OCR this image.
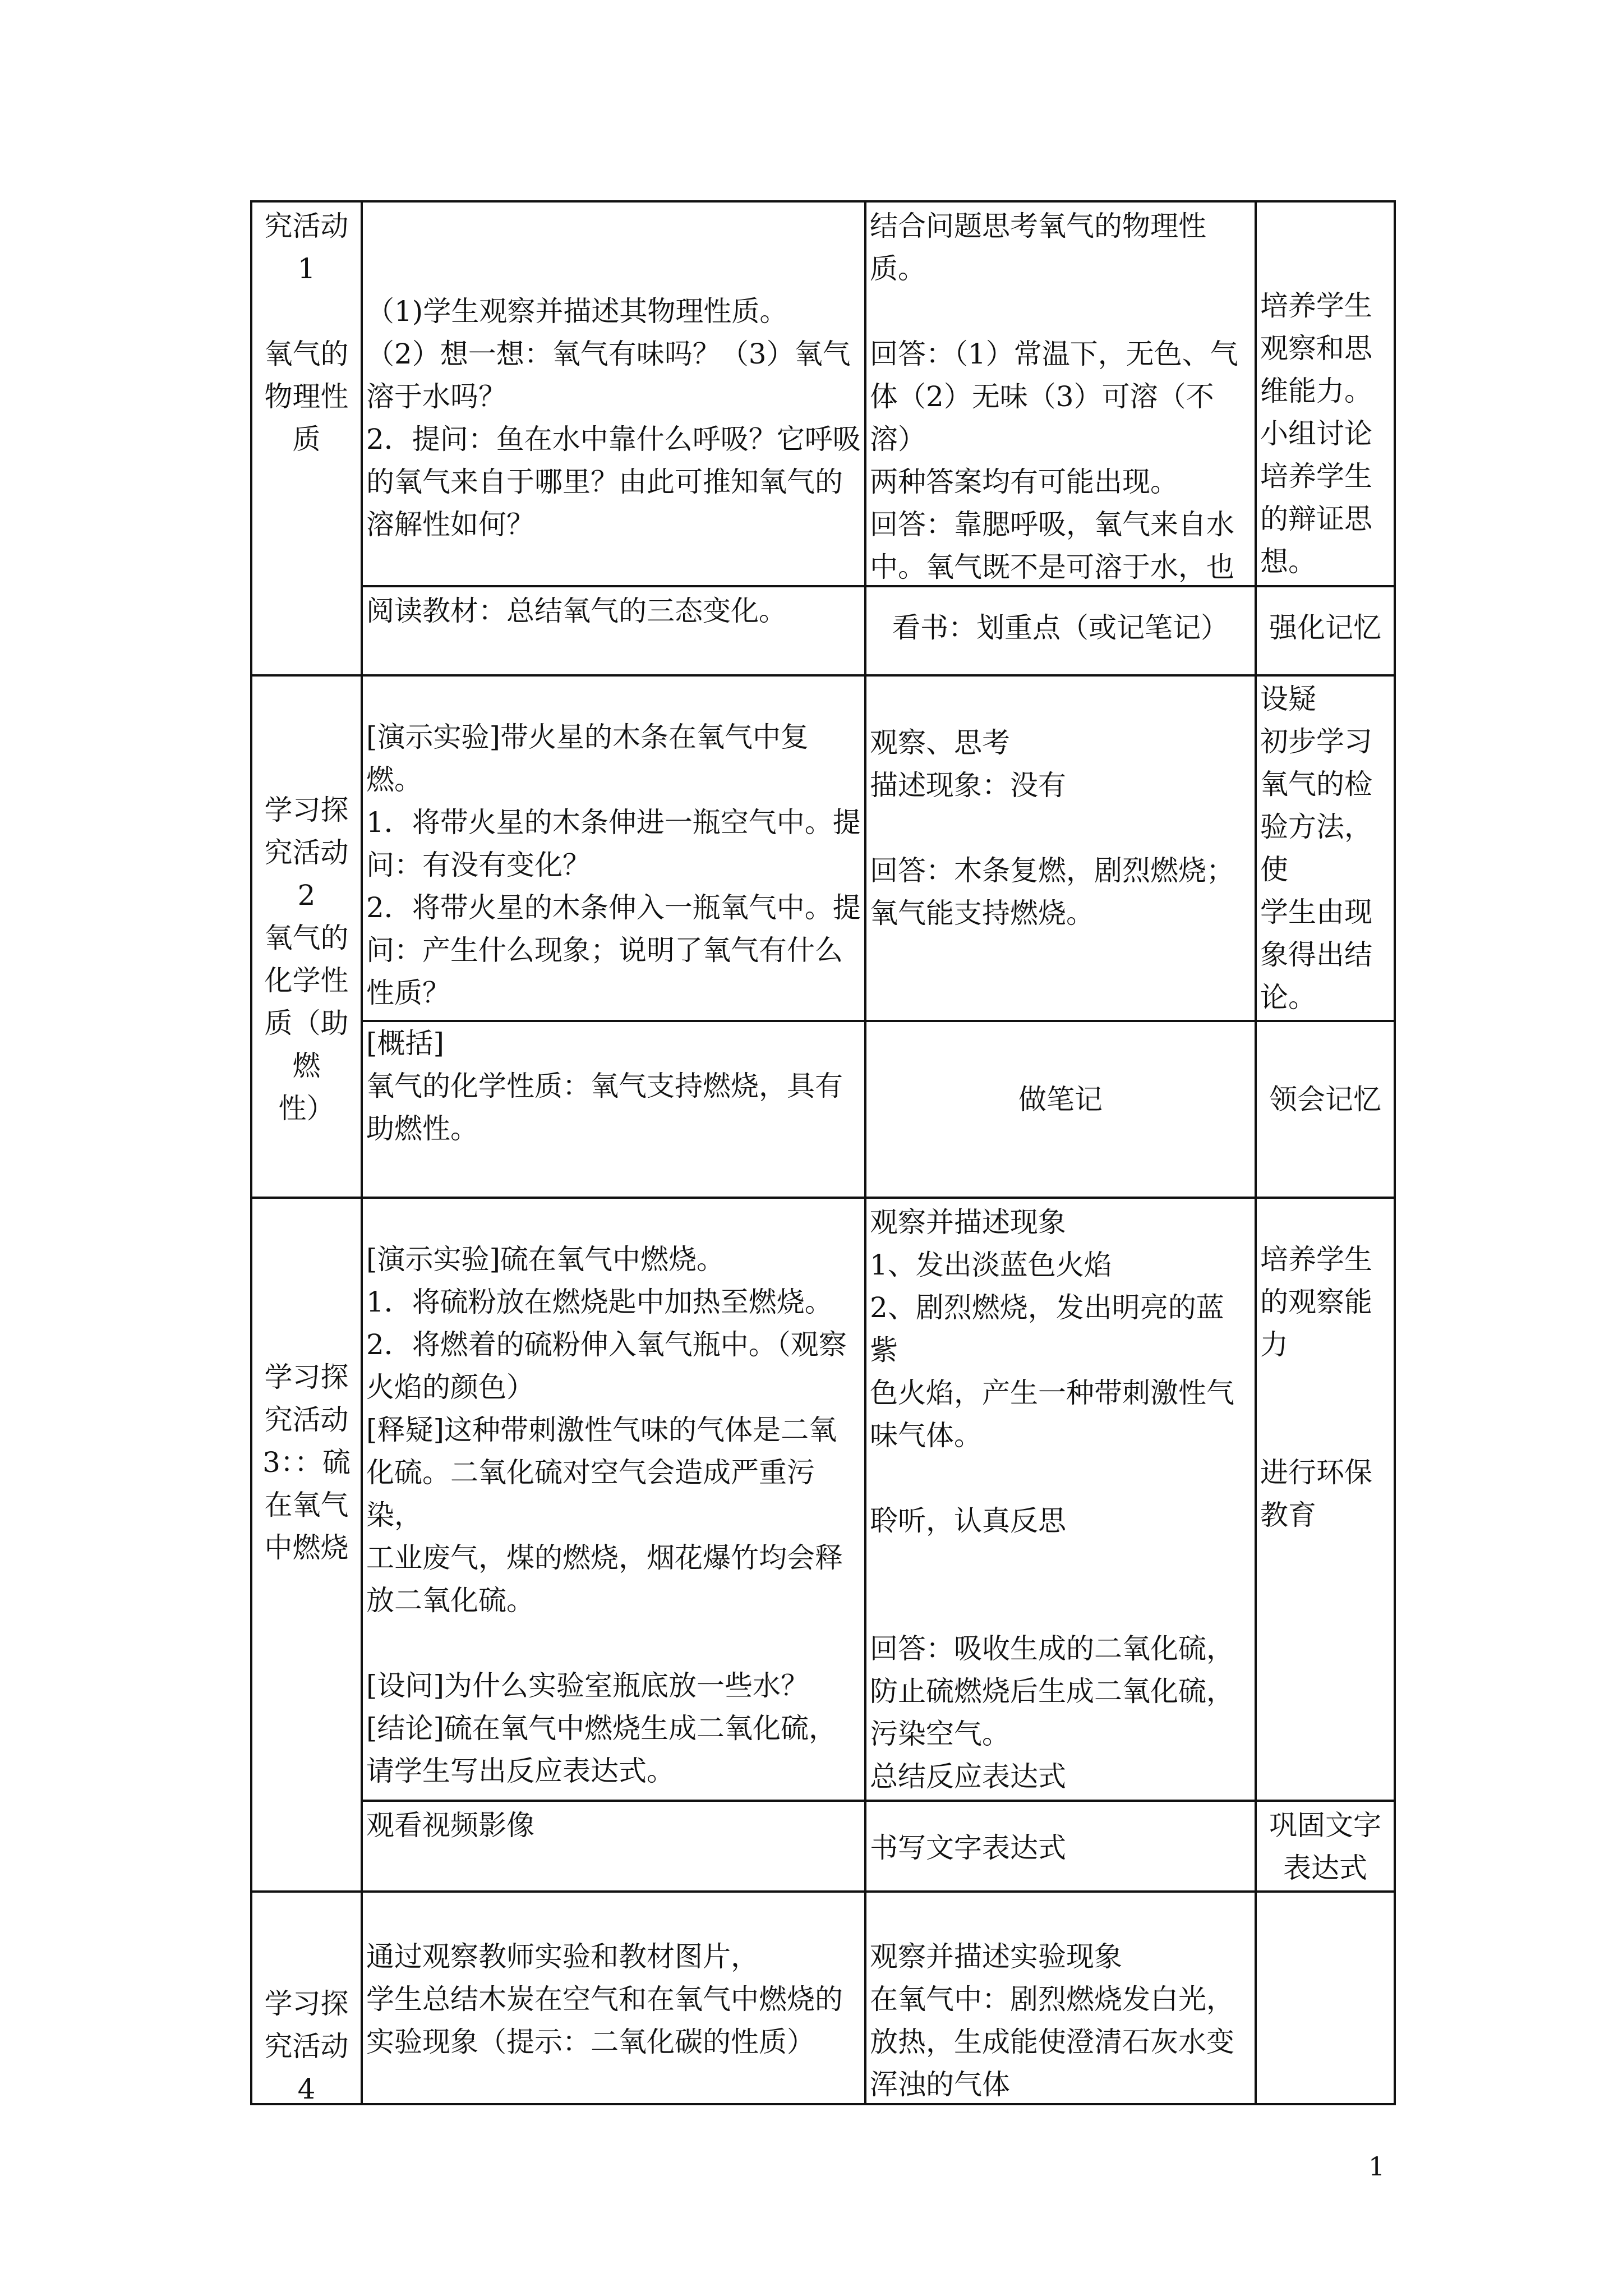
究活动 1

氧气的
物理性
质

（1)学生观察并描述其物理性质。
（2）想一想：氧气有味吗？（3）氧气
溶于水吗？
2．提问：鱼在水中靠什么呼吸？它呼吸
的氧气来自于哪里？由此可推知氧气的
溶解性如何？
结合问题思考氧气的物理性质。

回答：（1）常温下，无色、气
体（2）无味（3）可溶（不溶）
两种答案均有可能出现。
回答：靠腮呼吸，氧气来自水
中。氧气既不是可溶于水，也

培养学生
观察和思
维能力。
小组讨论
培养学生
的辩证思
想。
阅读教材：总结氧气的三态变化。
看书：划重点（或记笔记）	强化记忆
学习探
究活动 2
氧气的
化学性
质（助燃
性）
[演示实验]带火星的木条在氧气中复燃。
1．将带火星的木条伸进一瓶空气中。提
问：有没有变化？
2．将带火星的木条伸入一瓶氧气中。提
问：产生什么现象；说明了氧气有什么
性质？
观察、思考
描述现象：没有

回答：木条复燃，剧烈燃烧；
氧气能支持燃烧。
设疑
初步学习
氧气的检
验方法，使
学生由现
象得出结
论。
[概括]
氧气的化学性质：氧气支持燃烧，具有
助燃性。
做笔记	领会记忆
学习探
究活动
3：：硫
在氧气
中燃烧
[演示实验]硫在氧气中燃烧。
1．将硫粉放在燃烧匙中加热至燃烧。
2．将燃着的硫粉伸入氧气瓶中。（观察
火焰的颜色）
[释疑]这种带刺激性气味的气体是二氧
化硫。二氧化硫对空气会造成严重污染，
工业废气，煤的燃烧，烟花爆竹均会释
放二氧化硫。

[设问]为什么实验室瓶底放一些水？
[结论]硫在氧气中燃烧生成二氧化硫，
请学生写出反应表达式。
观察并描述现象
1、发出淡蓝色火焰
2、剧烈燃烧，发出明亮的蓝紫
色火焰，产生一种带刺激性气
味气体。

聆听，认真反思

回答：吸收生成的二氧化硫，
防止硫燃烧后生成二氧化硫，
污染空气。
总结反应表达式
培养学生
的观察能
力

进行环保
教育
观看视频影像
书写文字表达式
巩固文字
表达式
学习探
究活动 4
通过观察教师实验和教材图片，
学生总结木炭在空气和在氧气中燃烧的
实验现象（提示：二氧化碳的性质）
观察并描述实验现象
在氧气中：剧烈燃烧发白光，
放热，生成能使澄清石灰水变
浑浊的气体
1
